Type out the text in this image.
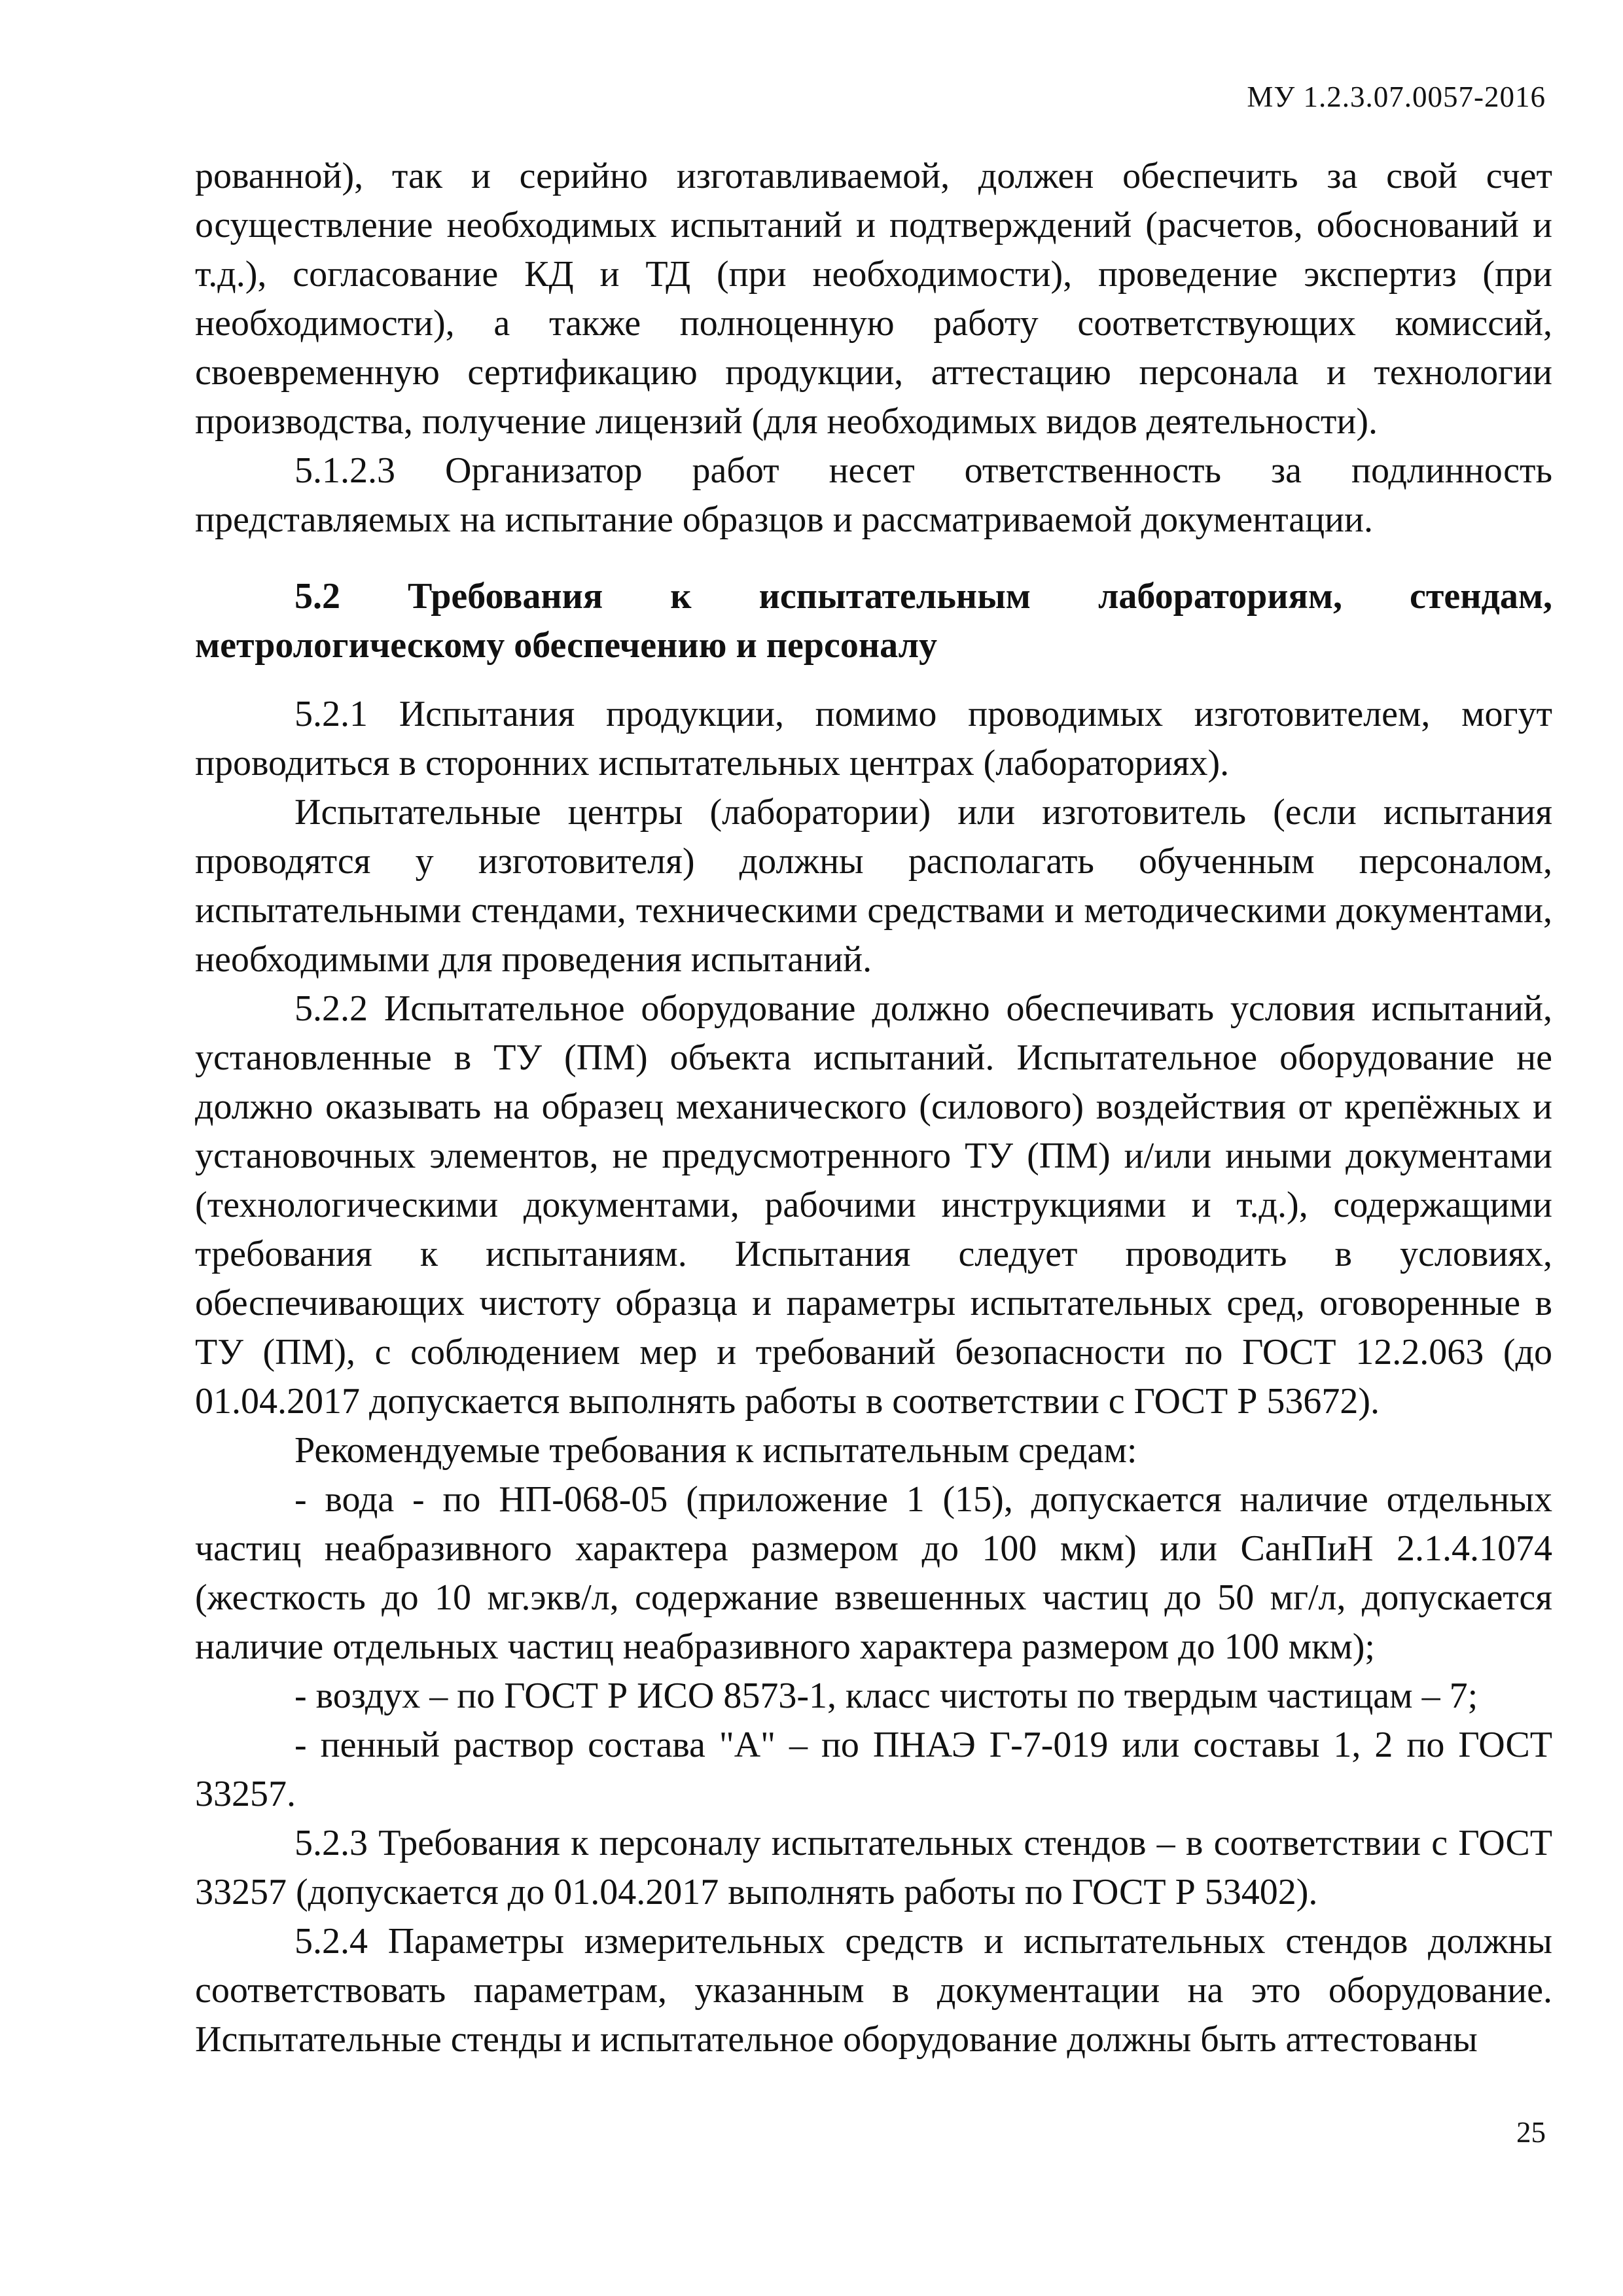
МУ 1.2.3.07.0057-2016

рованной), так и серийно изготавливаемой, должен обеспечить за свой счет осуществление необходимых испытаний и подтверждений (расчетов, обоснований и т.д.), согласование КД и ТД (при необходимости), проведение экспертиз (при необходимости), а также полноценную работу соответствующих комиссий, своевременную сертификацию продукции, аттестацию персонала и технологии производства, получение лицензий (для необходимых видов деятельности).

5.1.2.3 Организатор работ несет ответственность за подлинность представляемых на испытание образцов и рассматриваемой документации.

5.2 Требования к испытательным лабораториям, стендам, метрологическому обеспечению и персоналу

5.2.1 Испытания продукции, помимо проводимых изготовителем, могут проводиться в сторонних испытательных центрах (лабораториях).

Испытательные центры (лаборатории) или изготовитель (если испытания проводятся у изготовителя) должны располагать обученным персоналом, испытательными стендами, техническими средствами и методическими документами, необходимыми для проведения испытаний.

5.2.2 Испытательное оборудование должно обеспечивать условия испытаний, установленные в ТУ (ПМ) объекта испытаний. Испытательное оборудование не должно оказывать на образец механического (силового) воздействия от крепёжных и установочных элементов, не предусмотренного ТУ (ПМ) и/или иными документами (технологическими документами, рабочими инструкциями и т.д.), содержащими требования к испытаниям. Испытания следует проводить в условиях, обеспечивающих чистоту образца и параметры испытательных сред, оговоренные в ТУ (ПМ), с соблюдением мер и требований безопасности по ГОСТ 12.2.063 (до 01.04.2017 допускается выполнять работы в соответствии с ГОСТ Р 53672).

Рекомендуемые требования к испытательным средам:

- вода - по НП-068-05 (приложение 1 (15), допускается наличие отдельных частиц неабразивного характера размером до 100 мкм) или СанПиН 2.1.4.1074 (жесткость до 10 мг.экв/л, содержание взвешенных частиц до 50 мг/л, допускается наличие отдельных частиц неабразивного характера размером до 100 мкм);

- воздух – по ГОСТ Р ИСО 8573-1, класс чистоты по твердым частицам – 7;

- пенный раствор состава "А" – по ПНАЭ Г-7-019 или составы 1, 2 по ГОСТ 33257.

5.2.3 Требования к персоналу испытательных стендов – в соответствии с ГОСТ 33257 (допускается до 01.04.2017 выполнять работы по ГОСТ Р 53402).

5.2.4 Параметры измерительных средств и испытательных стендов должны соответствовать параметрам, указанным в документации на это оборудование. Испытательные стенды и испытательное оборудование должны быть аттестованы

25
